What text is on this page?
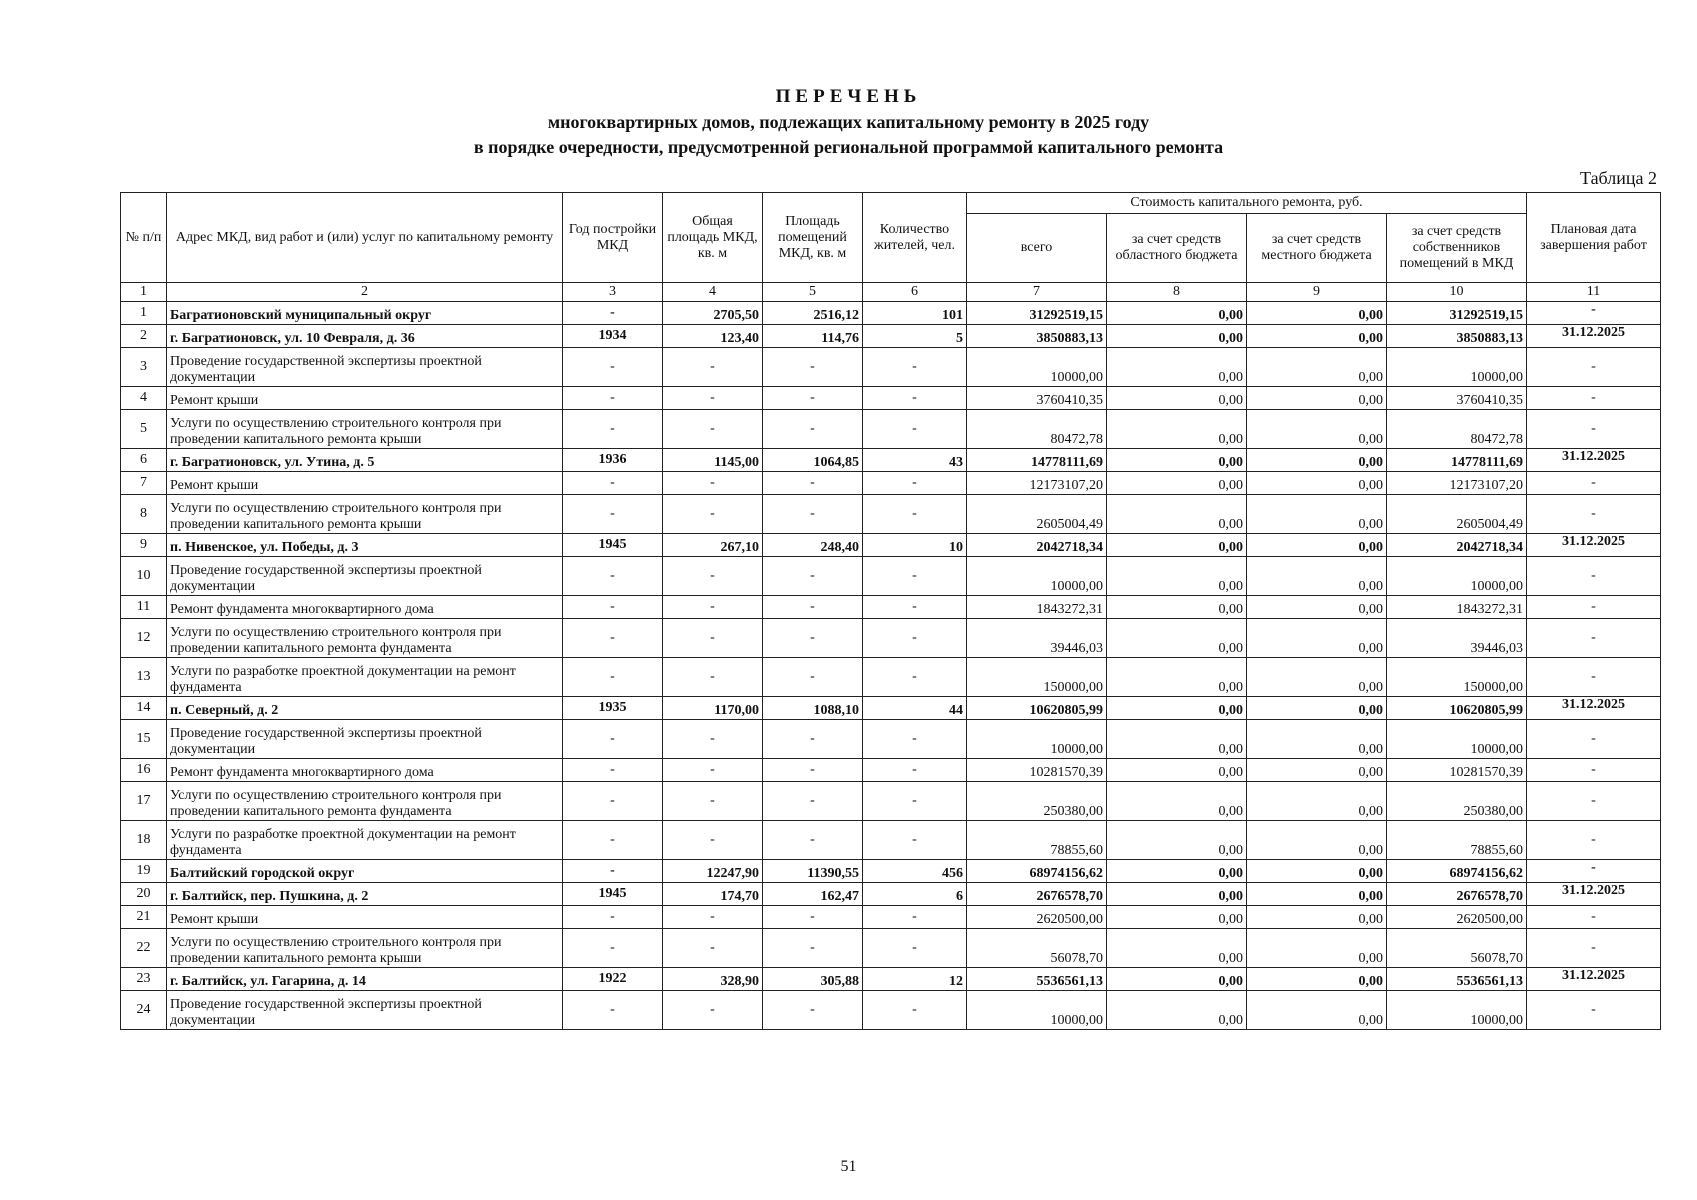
ПЕРЕЧЕНЬ
многоквартирных домов, подлежащих капитальному ремонту в 2025 году
в порядке очередности, предусмотренной региональной программой капитального ремонта
Таблица 2
№ п/п	Адрес МКД, вид работ и (или) услуг по капитальному ремонту	Год постройки МКД	Общая площадь МКД, кв. м	Площадь помещений МКД, кв. м	Количество жителей, чел.	Стоимость капитального ремонта, руб.				Плановая дата завершения работ
						всего	за счет средств областного бюджета	за счет средств местного бюджета	за счет средств собственников помещений в МКД	
1	2	3	4	5	6	7	8	9	10	11
1	Багратионовский муниципальный округ	-	2705,50	2516,12	101	31292519,15	0,00	0,00	31292519,15	-
2	г. Багратионовск, ул. 10 Февраля, д. 36	1934	123,40	114,76	5	3850883,13	0,00	0,00	3850883,13	31.12.2025
3	Проведение государственной экспертизы проектной документации	-	-	-	-	10000,00	0,00	0,00	10000,00	-
4	Ремонт крыши	-	-	-	-	3760410,35	0,00	0,00	3760410,35	-
5	Услуги по осуществлению строительного контроля при проведении капитального ремонта крыши	-	-	-	-	80472,78	0,00	0,00	80472,78	-
6	г. Багратионовск, ул. Утина, д. 5	1936	1145,00	1064,85	43	14778111,69	0,00	0,00	14778111,69	31.12.2025
7	Ремонт крыши	-	-	-	-	12173107,20	0,00	0,00	12173107,20	-
8	Услуги по осуществлению строительного контроля при проведении капитального ремонта крыши	-	-	-	-	2605004,49	0,00	0,00	2605004,49	-
9	п. Нивенское, ул. Победы, д. 3	1945	267,10	248,40	10	2042718,34	0,00	0,00	2042718,34	31.12.2025
10	Проведение государственной экспертизы проектной документации	-	-	-	-	10000,00	0,00	0,00	10000,00	-
11	Ремонт фундамента многоквартирного дома	-	-	-	-	1843272,31	0,00	0,00	1843272,31	-
12	Услуги по осуществлению строительного контроля при проведении капитального ремонта фундамента	-	-	-	-	39446,03	0,00	0,00	39446,03	-
13	Услуги по разработке проектной документации на ремонт фундамента	-	-	-	-	150000,00	0,00	0,00	150000,00	-
14	п. Северный, д. 2	1935	1170,00	1088,10	44	10620805,99	0,00	0,00	10620805,99	31.12.2025
15	Проведение государственной экспертизы проектной документации	-	-	-	-	10000,00	0,00	0,00	10000,00	-
16	Ремонт фундамента многоквартирного дома	-	-	-	-	10281570,39	0,00	0,00	10281570,39	-
17	Услуги по осуществлению строительного контроля при проведении капитального ремонта фундамента	-	-	-	-	250380,00	0,00	0,00	250380,00	-
18	Услуги по разработке проектной документации на ремонт фундамента	-	-	-	-	78855,60	0,00	0,00	78855,60	-
19	Балтийский городской округ	-	12247,90	11390,55	456	68974156,62	0,00	0,00	68974156,62	-
20	г. Балтийск, пер. Пушкина, д. 2	1945	174,70	162,47	6	2676578,70	0,00	0,00	2676578,70	31.12.2025
21	Ремонт крыши	-	-	-	-	2620500,00	0,00	0,00	2620500,00	-
22	Услуги по осуществлению строительного контроля при проведении капитального ремонта крыши	-	-	-	-	56078,70	0,00	0,00	56078,70	-
23	г. Балтийск, ул. Гагарина, д. 14	1922	328,90	305,88	12	5536561,13	0,00	0,00	5536561,13	31.12.2025
24	Проведение государственной экспертизы проектной документации	-	-	-	-	10000,00	0,00	0,00	10000,00	-
51
